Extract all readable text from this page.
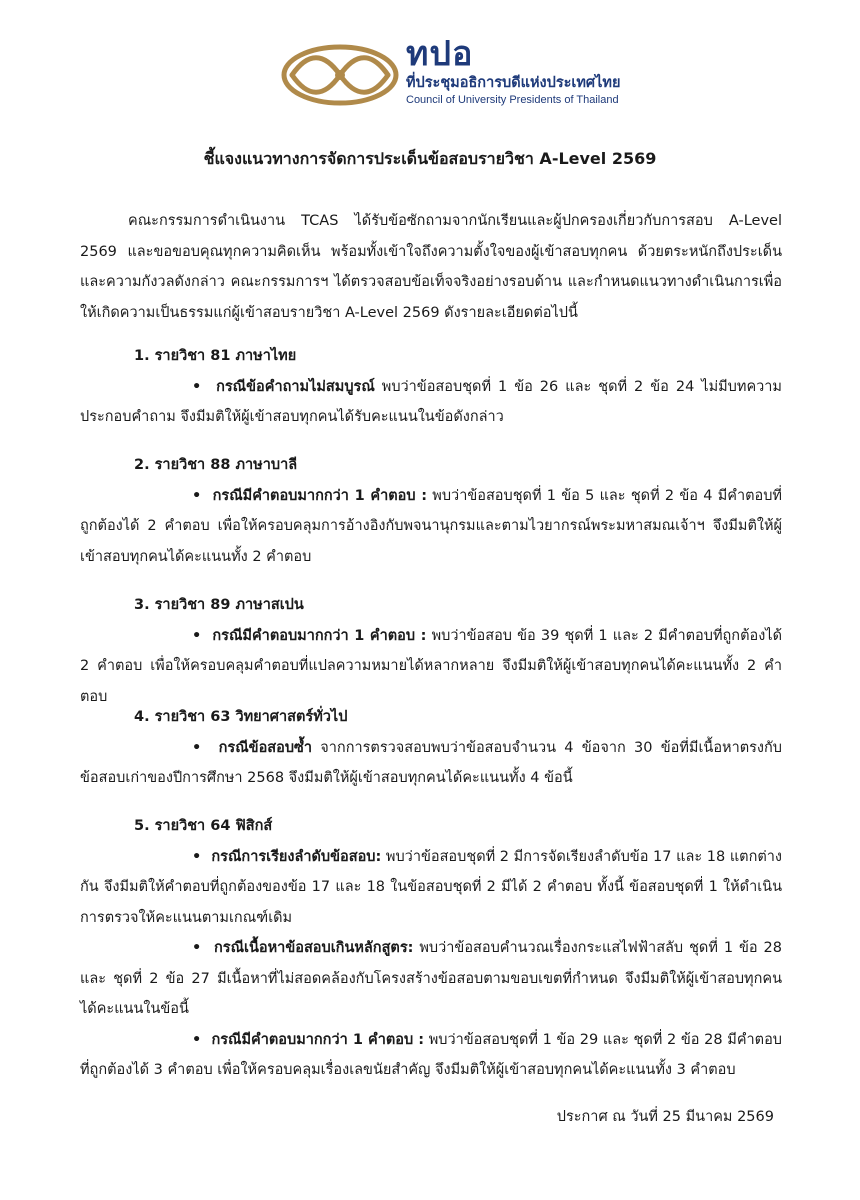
ทปอ
ที่ประชุมอธิการบดีแห่งประเทศไทย
Council of University Presidents of Thailand
ชี้แจงแนวทางการจัดการประเด็นข้อสอบรายวิชา A-Level 2569
คณะกรรมการดำเนินงาน TCAS ได้รับข้อซักถามจากนักเรียนและผู้ปกครองเกี่ยวกับการสอบ A-Level 2569 และขอขอบคุณทุกความคิดเห็น พร้อมทั้งเข้าใจถึงความตั้งใจของผู้เข้าสอบทุกคน ด้วยตระหนักถึงประเด็นและความกังวลดังกล่าว คณะกรรมการฯ ได้ตรวจสอบข้อเท็จจริงอย่างรอบด้าน และกำหนดแนวทางดำเนินการเพื่อให้เกิดความเป็นธรรมแก่ผู้เข้าสอบรายวิชา A-Level 2569 ดังรายละเอียดต่อไปนี้
1. รายวิชา 81 ภาษาไทย
•  กรณีข้อคำถามไม่สมบูรณ์ พบว่าข้อสอบชุดที่ 1 ข้อ 26 และ ชุดที่ 2 ข้อ 24 ไม่มีบทความประกอบคำถาม จึงมีมติให้ผู้เข้าสอบทุกคนได้รับคะแนนในข้อดังกล่าว
2. รายวิชา 88 ภาษาบาลี
•  กรณีมีคำตอบมากกว่า 1 คำตอบ : พบว่าข้อสอบชุดที่ 1 ข้อ 5 และ ชุดที่ 2 ข้อ 4 มีคำตอบที่ถูกต้องได้ 2 คำตอบ เพื่อให้ครอบคลุมการอ้างอิงกับพจนานุกรมและตามไวยากรณ์พระมหาสมณเจ้าฯ จึงมีมติให้ผู้เข้าสอบทุกคนได้คะแนนทั้ง 2 คำตอบ
3. รายวิชา 89 ภาษาสเปน
•  กรณีมีคำตอบมากกว่า 1 คำตอบ : พบว่าข้อสอบ ข้อ 39 ชุดที่ 1 และ 2 มีคำตอบที่ถูกต้องได้ 2 คำตอบ เพื่อให้ครอบคลุมคำตอบที่แปลความหมายได้หลากหลาย จึงมีมติให้ผู้เข้าสอบทุกคนได้คะแนนทั้ง 2 คำตอบ
4. รายวิชา 63 วิทยาศาสตร์ทั่วไป
•  กรณีข้อสอบซ้ำ จากการตรวจสอบพบว่าข้อสอบจำนวน 4 ข้อจาก 30 ข้อที่มีเนื้อหาตรงกับข้อสอบเก่าของปีการศึกษา 2568 จึงมีมติให้ผู้เข้าสอบทุกคนได้คะแนนทั้ง 4 ข้อนี้
5. รายวิชา 64 ฟิสิกส์
•  กรณีการเรียงลำดับข้อสอบ: พบว่าข้อสอบชุดที่ 2 มีการจัดเรียงลำดับข้อ 17 และ 18 แตกต่างกัน จึงมีมติให้คำตอบที่ถูกต้องของข้อ 17 และ 18 ในข้อสอบชุดที่ 2 มีได้ 2 คำตอบ ทั้งนี้ ข้อสอบชุดที่ 1 ให้ดำเนินการตรวจให้คะแนนตามเกณฑ์เดิม
•  กรณีเนื้อหาข้อสอบเกินหลักสูตร: พบว่าข้อสอบคำนวณเรื่องกระแสไฟฟ้าสลับ ชุดที่ 1 ข้อ 28 และ ชุดที่ 2 ข้อ 27 มีเนื้อหาที่ไม่สอดคล้องกับโครงสร้างข้อสอบตามขอบเขตที่กำหนด จึงมีมติให้ผู้เข้าสอบทุกคนได้คะแนนในข้อนี้
•  กรณีมีคำตอบมากกว่า 1 คำตอบ : พบว่าข้อสอบชุดที่ 1 ข้อ 29 และ ชุดที่ 2 ข้อ 28 มีคำตอบที่ถูกต้องได้ 3 คำตอบ เพื่อให้ครอบคลุมเรื่องเลขนัยสำคัญ จึงมีมติให้ผู้เข้าสอบทุกคนได้คะแนนทั้ง 3 คำตอบ
ประกาศ ณ วันที่ 25 มีนาคม 2569
